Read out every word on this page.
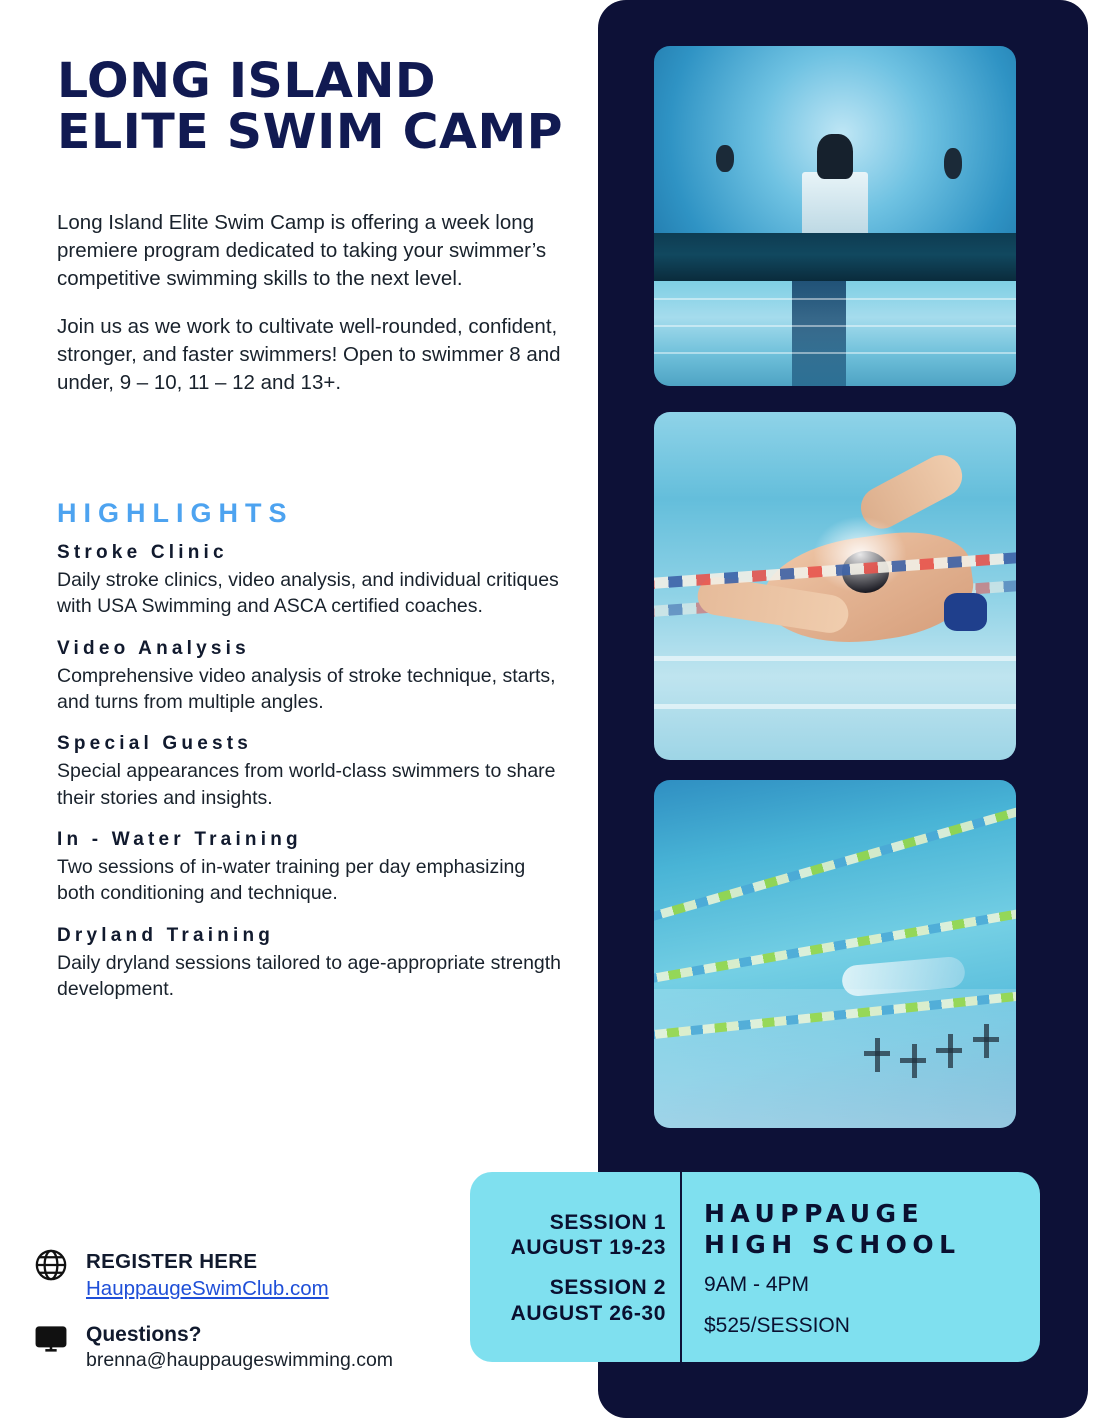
LONG ISLAND
ELITE SWIM CAMP

Long Island Elite Swim Camp is offering a week long premiere program dedicated to taking your swimmer’s competitive swimming skills to the next level.

Join us as we work to cultivate well-rounded, confident, stronger, and faster swimmers! Open to swimmer 8 and under, 9 – 10, 11 – 12 and 13+.

HIGHLIGHTS
Stroke Clinic
Daily stroke clinics, video analysis, and individual critiques with USA Swimming and ASCA certified coaches.
Video Analysis
Comprehensive video analysis of stroke technique, starts, and turns from multiple angles.
Special Guests
Special appearances from world-class swimmers to share their stories and insights.
In - Water Training
Two sessions of in-water training per day emphasizing both conditioning and technique.
Dryland Training
Daily dryland sessions tailored to age-appropriate strength development.
REGISTER HERE
HauppaugeSwimClub.com
Questions?
brenna@hauppaugeswimming.com
SESSION 1
AUGUST 19-23
SESSION 2
AUGUST 26-30
HAUPPAUGE
HIGH SCHOOL
9AM - 4PM
$525/SESSION
